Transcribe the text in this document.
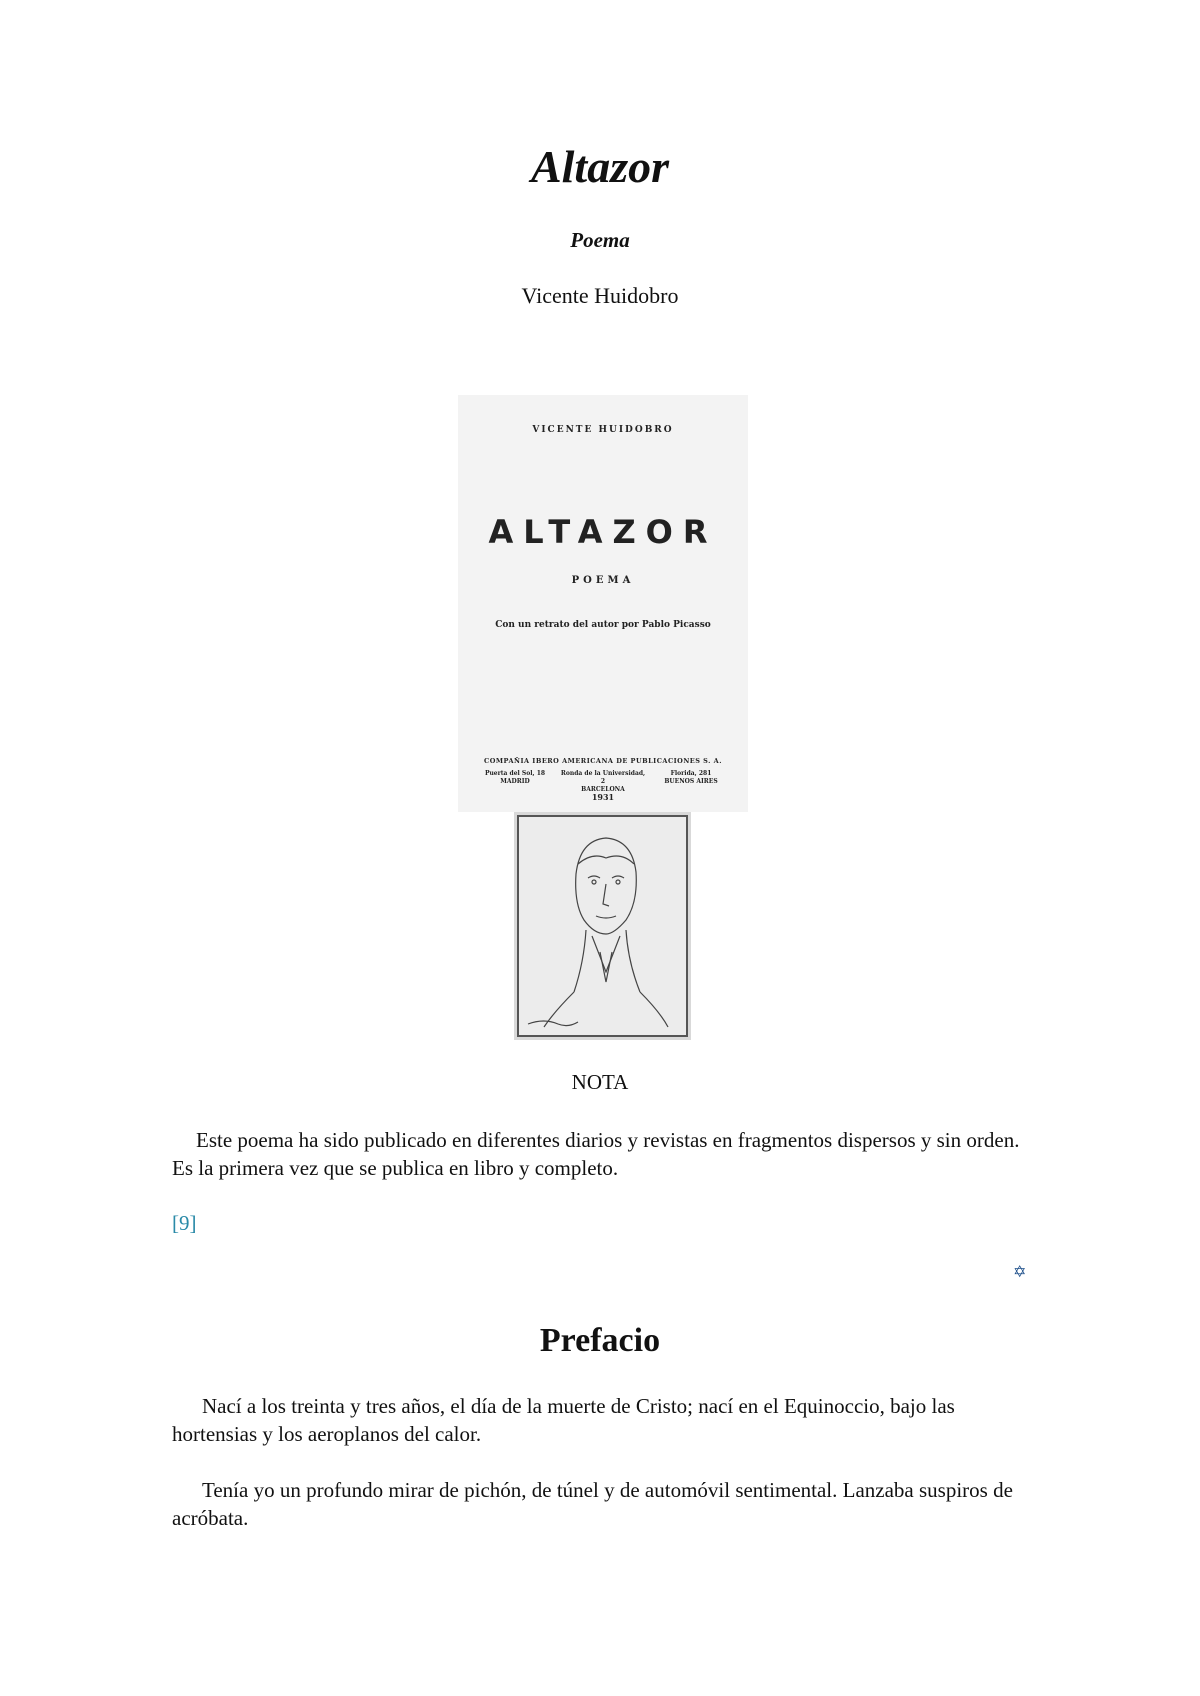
Altazor

Poema

Vicente Huidobro

VICENTE HUIDOBRO
ALTAZOR
POEMA
Con un retrato del autor por Pablo Picasso
COMPAÑIA IBERO AMERICANA DE PUBLICACIONES S. A.
Puerta del Sol, 18
MADRID
Ronda de la Universidad, 2
BARCELONA
Florida, 281
BUENOS AIRES
1931

NOTA

Este poema ha sido publicado en diferentes diarios y revistas en fragmentos dispersos y sin orden. Es la primera vez que se publica en libro y completo.

[9]
✡
Prefacio

Nací a los treinta y tres años, el día de la muerte de Cristo; nací en el Equinoccio, bajo las hortensias y los aeroplanos del calor.

Tenía yo un profundo mirar de pichón, de túnel y de automóvil sentimental. Lanzaba suspiros de acróbata.
